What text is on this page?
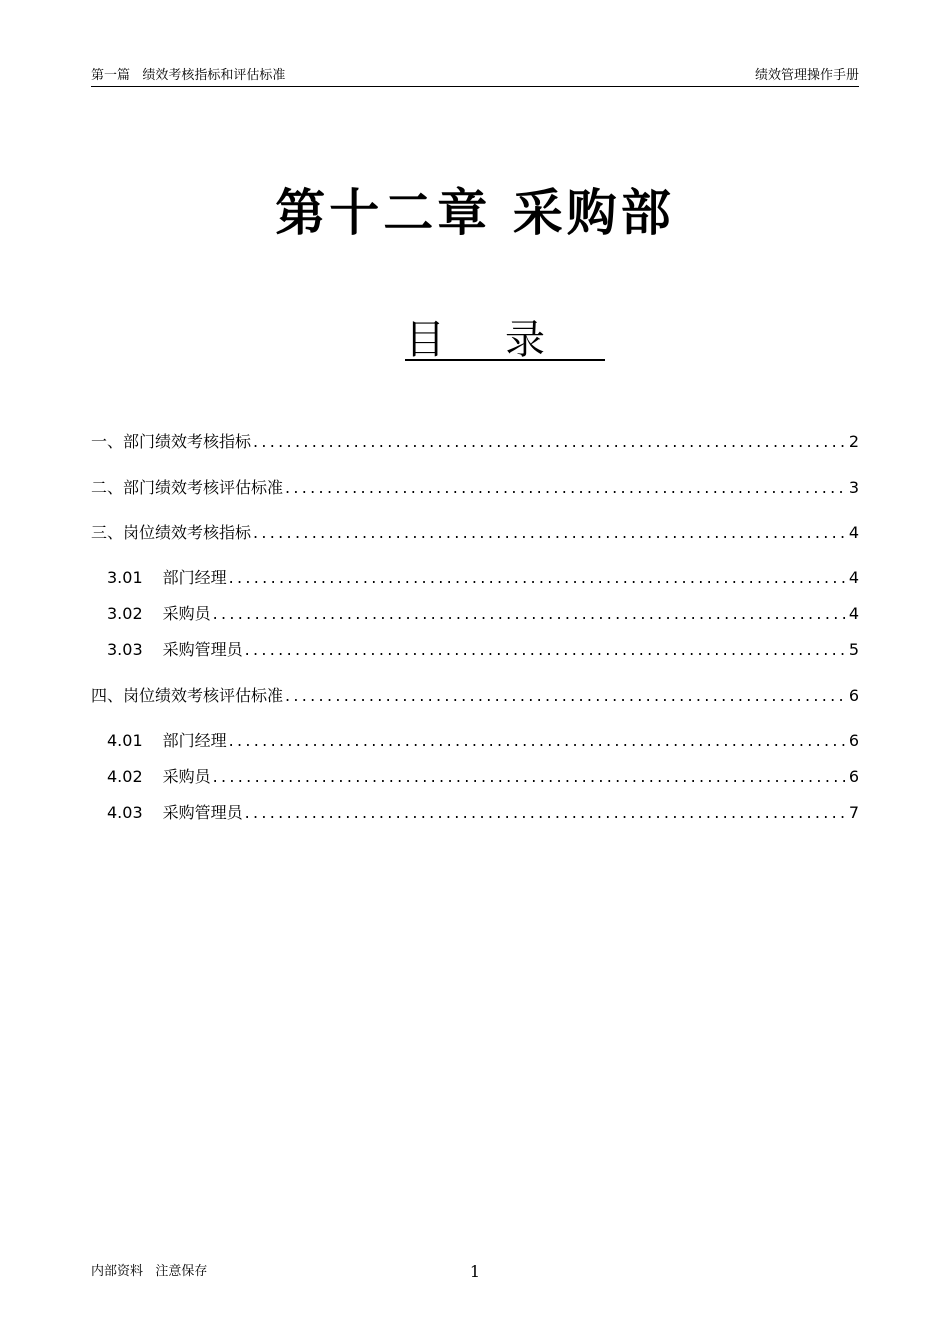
第一篇   绩效考核指标和评估标准	绩效管理操作手册
第十二章 采购部
目录
一、部门绩效考核指标 .....	2
二、部门绩效考核评估标准 .....	3
三、岗位绩效考核指标 .....	4
3.01 部门经理 .....	4
3.02 采购员 .....	4
3.03 采购管理员 .....	5
四、岗位绩效考核评估标准 .....	6
4.01 部门经理 .....	6
4.02 采购员 .....	6
4.03 采购管理员 .....	7
内部资料   注意保存	1
